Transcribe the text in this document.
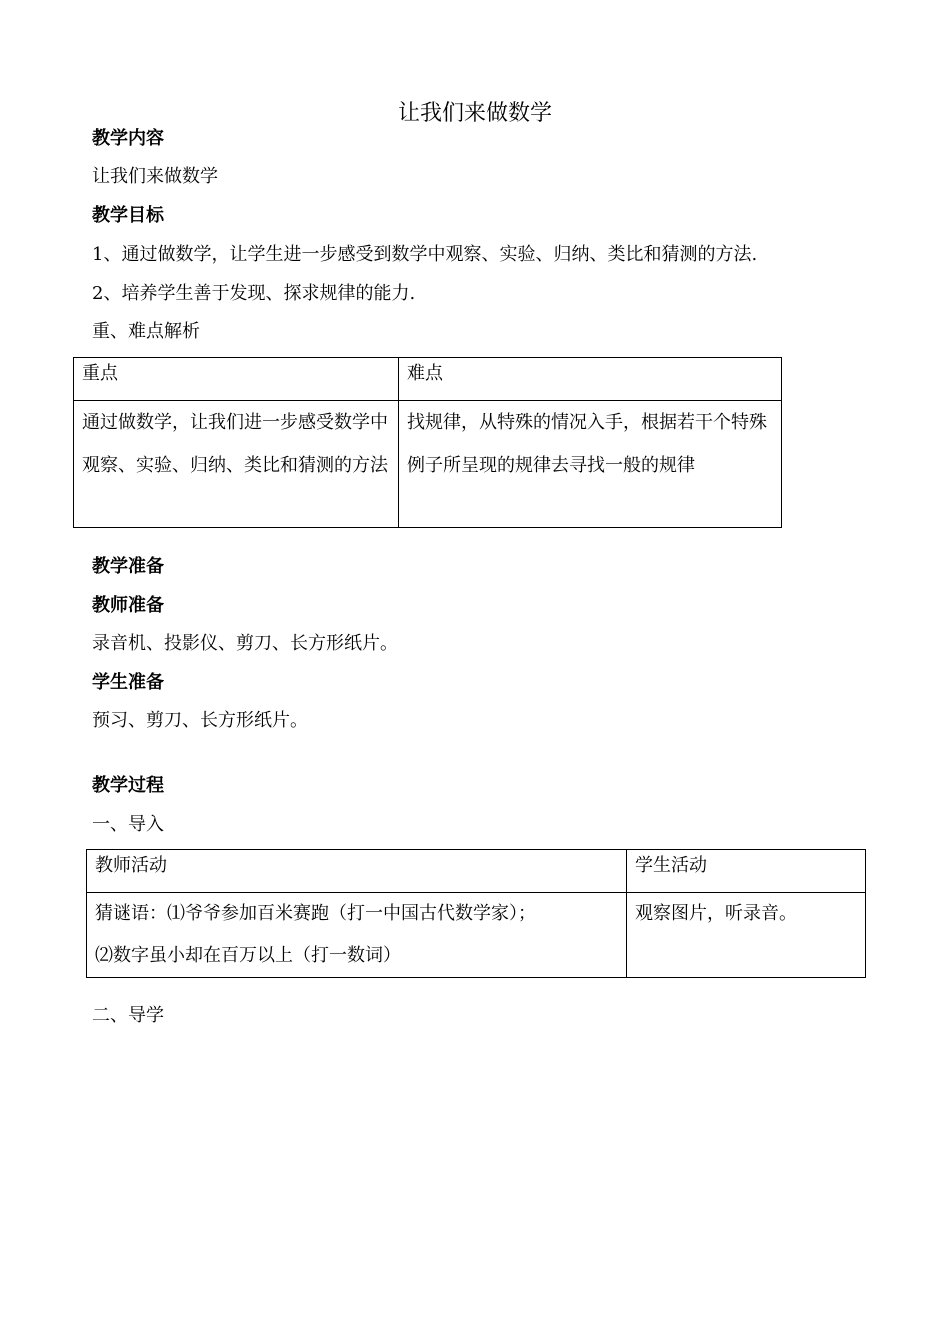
让我们来做数学
教学内容
让我们来做数学
教学目标
1、通过做数学，让学生进一步感受到数学中观察、实验、归纳、类比和猜测的方法.
2、培养学生善于发现、探求规律的能力.
重、难点解析
重点	难点
通过做数学，让我们进一步感受数学中观察、实验、归纳、类比和猜测的方法	找规律，从特殊的情况入手，根据若干个特殊例子所呈现的规律去寻找一般的规律
教学准备
教师准备
录音机、投影仪、剪刀、长方形纸片。
学生准备
预习、剪刀、长方形纸片。
教学过程
一、导入
教师活动	学生活动

猜谜语：⑴爷爷参加百米赛跑（打一中国古代数学家）；
⑵数字虽小却在百万以上（打一数词）	观察图片，听录音。
二、导学
